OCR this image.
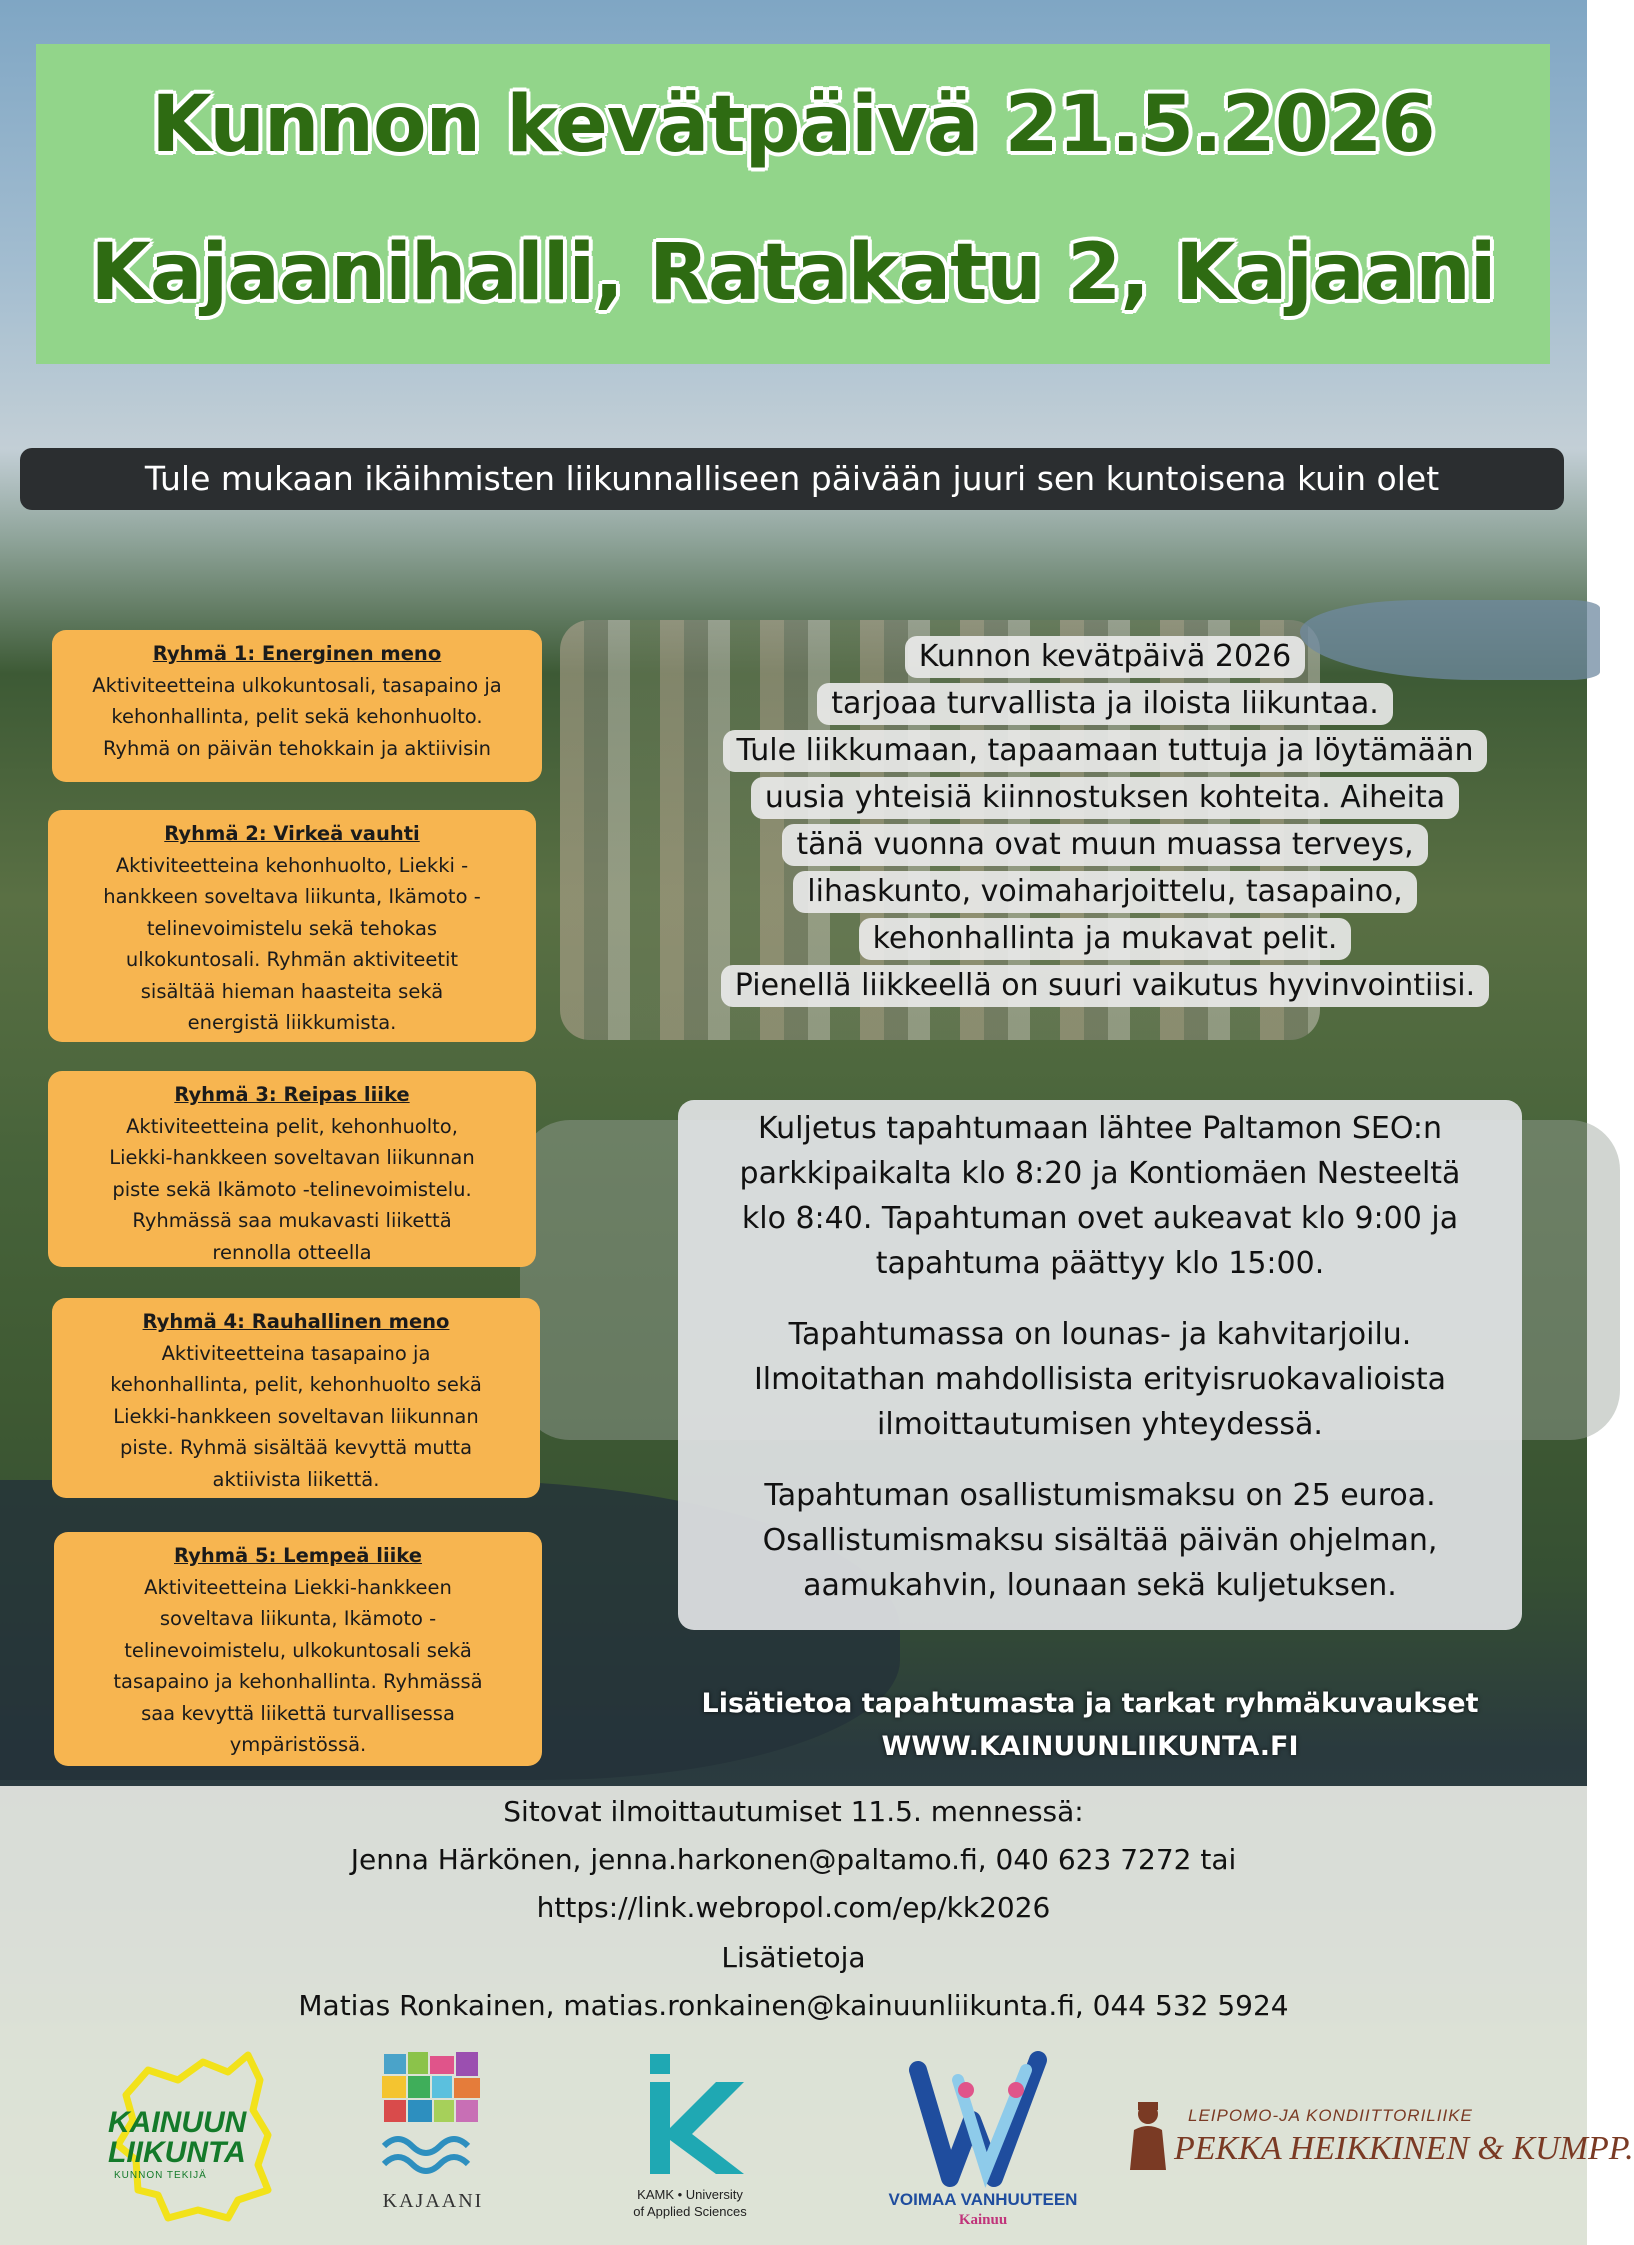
Kunnon kevätpäivä 21.5.2026
Kajaanihalli, Ratakatu 2, Kajaani
Tule mukaan ikäihmisten liikunnalliseen päivään juuri sen kuntoisena kuin olet
Ryhmä 1: Energinen meno
Aktiviteetteina ulkokuntosali, tasapaino ja
kehonhallinta, pelit sekä kehonhuolto.
Ryhmä on päivän tehokkain ja aktiivisin
Ryhmä 2: Virkeä vauhti
Aktiviteetteina kehonhuolto, Liekki -
hankkeen soveltava liikunta, Ikämoto -
telinevoimistelu sekä tehokas
ulkokuntosali. Ryhmän aktiviteetit
sisältää hieman haasteita sekä
energistä liikkumista.
Ryhmä 3: Reipas liike
Aktiviteetteina pelit, kehonhuolto,
Liekki-hankkeen soveltavan liikunnan
piste sekä Ikämoto -telinevoimistelu.
Ryhmässä saa mukavasti liikettä
rennolla otteella
Ryhmä 4: Rauhallinen meno
Aktiviteetteina tasapaino ja
kehonhallinta, pelit, kehonhuolto sekä
Liekki-hankkeen soveltavan liikunnan
piste. Ryhmä sisältää kevyttä mutta
aktiivista liikettä.
Ryhmä 5: Lempeä liike
Aktiviteetteina Liekki-hankkeen
soveltava liikunta, Ikämoto -
telinevoimistelu, ulkokuntosali sekä
tasapaino ja kehonhallinta. Ryhmässä
saa kevyttä liikettä turvallisessa
ympäristössä.
Kunnon kevätpäivä 2026
tarjoaa turvallista ja iloista liikuntaa.
Tule liikkumaan, tapaamaan tuttuja ja löytämään
uusia yhteisiä kiinnostuksen kohteita. Aiheita
tänä vuonna ovat muun muassa terveys,
lihaskunto, voimaharjoittelu, tasapaino,
kehonhallinta ja mukavat pelit.
Pienellä liikkeellä on suuri vaikutus hyvinvointiisi.

Kuljetus tapahtumaan lähtee Paltamon SEO:n
parkkipaikalta klo 8:20 ja Kontiomäen Nesteeltä
klo 8:40. Tapahtuman ovet aukeavat klo 9:00 ja
tapahtuma päättyy klo 15:00.

Tapahtumassa on lounas- ja kahvitarjoilu.
Ilmoitathan mahdollisista erityisruokavalioista
ilmoittautumisen yhteydessä.

Tapahtuman osallistumismaksu on 25 euroa.
Osallistumismaksu sisältää päivän ohjelman,
aamukahvin, lounaan sekä kuljetuksen.

Lisätietoa tapahtumasta ja tarkat ryhmäkuvaukset
WWW.KAINUUNLIIKUNTA.FI
Sitovat ilmoittautumiset 11.5. mennessä:
Jenna Härkönen, jenna.harkonen@paltamo.fi, 040 623 7272 tai
https://link.webropol.com/ep/kk2026
Lisätietoja
Matias Ronkainen, matias.ronkainen@kainuunliikunta.fi, 044 532 5924
KAINUUN
LIIKUNTA
KUNNON TEKIJÄ
KAJAANI	KAMK • University
of Applied Sciences
VOIMAA VANHUUTEEN
Kainuu
LEIPOMO-JA KONDIITTORILIIKE
PEKKA HEIKKINEN & KUMPP.
